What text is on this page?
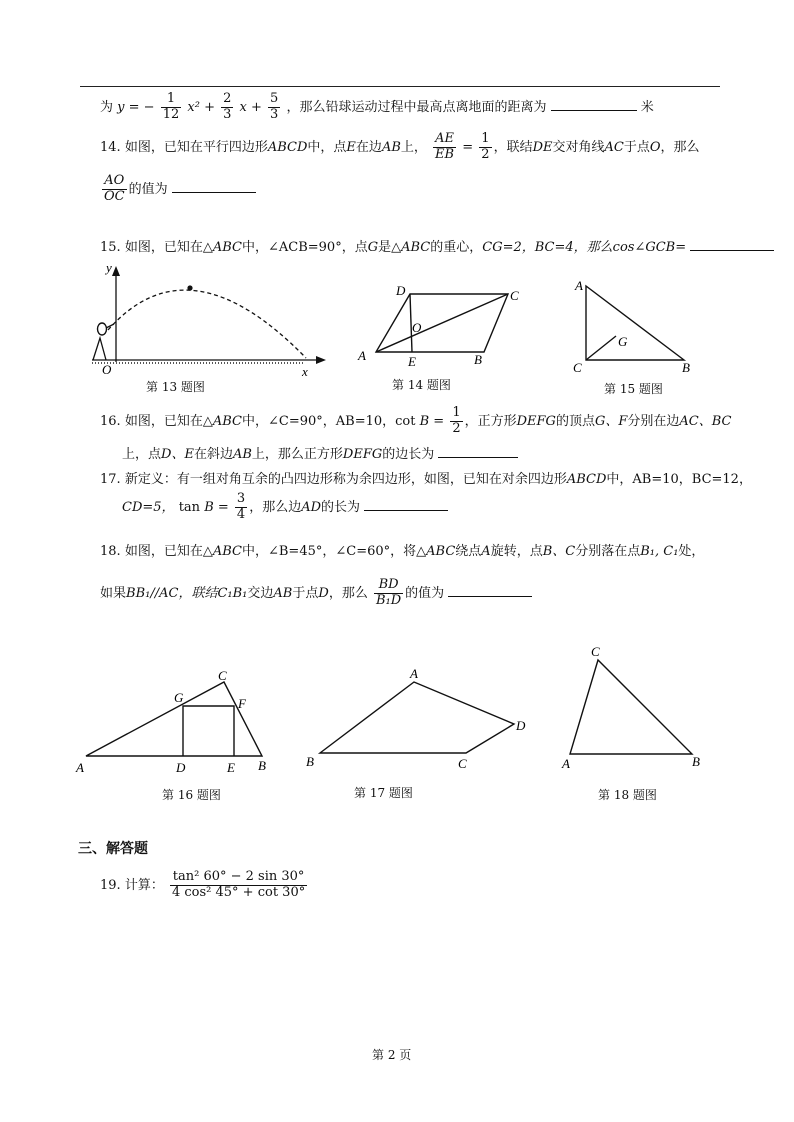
为 y = − $\frac{1}{12} x^2 + \frac{2}{3}$ $x + \frac{5}{3}$ ，那么铅球运动过程中最高点离地面的距离为	米
14. 如图，已知在平行四边形ABCD中，点E在边AB上， $\frac{AE}{EB} = \frac{1}{2}$ ，联结DE交对角线AC于点O，那么
$\frac{AO}{OC}$ 的值为
15. 如图，已知在△ABC中，∠ACB=90°，点G是△ABC的重心，CG=2，BC=4，那么cos∠GCB=
y
O	x
第 13 题图
D	C
O
A	E	B
第 14 题图
A
G
C	B
第 15 题图
16. 如图，已知在△ABC中，∠C=90°，AB=10，$\cot B = \frac{1}{2}$ ，正方形DEFG的顶点G、F分别在边AC、BC
上，点D、E在斜边AB上，那么正方形DEFG的边长为
17. 新定义：有一组对角互余的凸四边形称为余四边形，如图，已知在对余四边形ABCD中，AB=10，BC=12，
CD=5， $\tan B = \frac{3}{4}$ ，那么边AD的长为
18. 如图，已知在△ABC中，∠B=45°，∠C=60°，将△ABC绕点A旋转，点B、C分别落在点B₁, C₁处，
如果BB₁//AC，联结C₁B₁交边AB于点D，那么 $\frac{BD}{\text{B₁D}}$ 的值为
C
G	F
A	D	E B
第 16 题图
A
D
B	C
第 17 题图
C
A	B
第 18 题图
三、解答题
19. 计算： $\frac{\text{tan² 60° − 2 sin 30°}}{\text{4 cos² 45° + cot 30°}}$
第 2 页
